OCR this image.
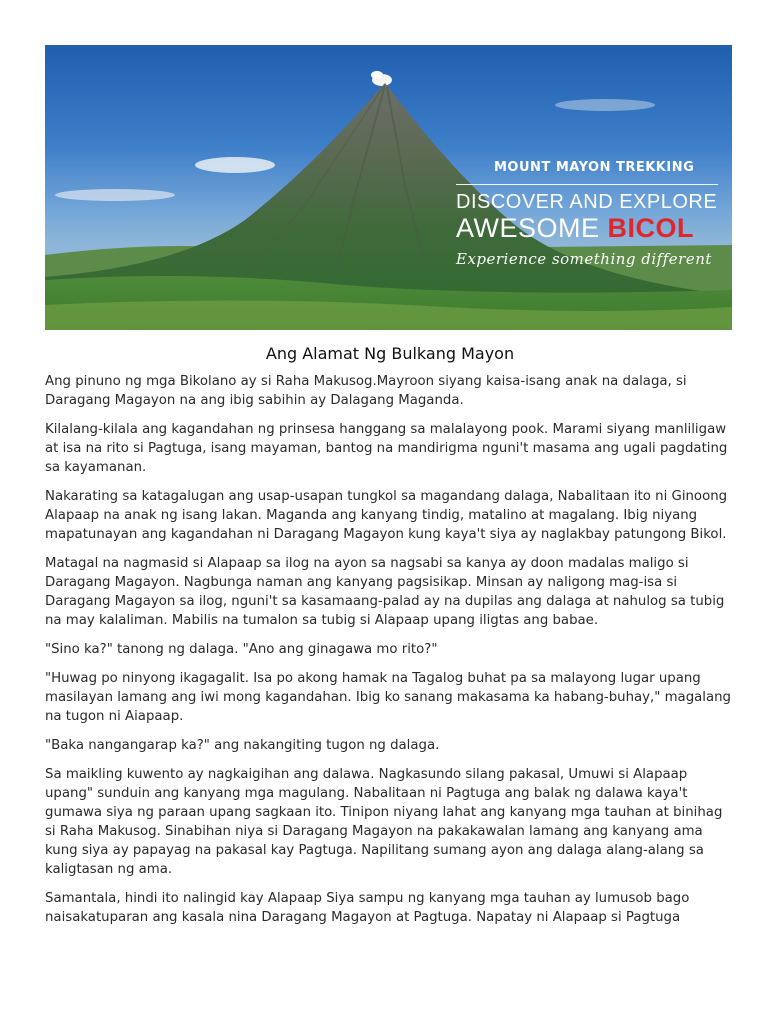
MOUNT MAYON TREKKING
DISCOVER AND EXPLORE
AWESOME BICOL
Experience something different
Ang Alamat Ng Bulkang Mayon

Ang pinuno ng mga Bikolano ay si Raha Makusog.Mayroon siyang kaisa-isang anak na dalaga, si Daragang Magayon na ang ibig sabihin ay Dalagang Maganda.

Kilalang-kilala ang kagandahan ng prinsesa hanggang sa malalayong pook. Marami siyang manliligaw at isa na rito si Pagtuga, isang mayaman, bantog na mandirigma nguni't masama ang ugali pagdating sa kayamanan.

Nakarating sa katagalugan ang usap-usapan tungkol sa magandang dalaga, Nabalitaan ito ni Ginoong Alapaap na anak ng isang lakan. Maganda ang kanyang tindig, matalino at magalang. Ibig niyang mapatunayan ang kagandahan ni Daragang Magayon kung kaya't siya ay naglakbay patungong Bikol.

Matagal na nagmasid si Alapaap sa ilog na ayon sa nagsabi sa kanya ay doon madalas maligo si Daragang Magayon. Nagbunga naman ang kanyang pagsisikap. Minsan ay naligong mag-isa si Daragang Magayon sa ilog, nguni't sa kasamaang-palad ay na dupilas ang dalaga at nahulog sa tubig na may kalaliman. Mabilis na tumalon sa tubig si Alapaap upang iligtas ang babae.

"Sino ka?" tanong ng dalaga. "Ano ang ginagawa mo rito?"

"Huwag po ninyong ikagagalit. Isa po akong hamak na Tagalog buhat pa sa malayong lugar upang masilayan lamang ang iwi mong kagandahan. Ibig ko sanang makasama ka habang-buhay," magalang na tugon ni Aiapaap.

"Baka nangangarap ka?" ang nakangiting tugon ng dalaga.

Sa maikling kuwento ay nagkaigihan ang dalawa. Nagkasundo silang pakasal, Umuwi si Alapaap upang" sunduin ang kanyang mga magulang. Nabalitaan ni Pagtuga ang balak ng dalawa kaya't gumawa siya ng paraan upang sagkaan ito. Tinipon niyang lahat ang kanyang mga tauhan at binihag si Raha Makusog. Sinabihan niya si Daragang Magayon na pakakawalan lamang ang kanyang ama kung siya ay papayag na pakasal kay Pagtuga. Napilitang sumang ayon ang dalaga alang-alang sa kaligtasan ng ama.

Samantala, hindi ito nalingid kay Alapaap Siya sampu ng kanyang mga tauhan ay lumusob bago naisakatuparan ang kasala nina Daragang Magayon at Pagtuga. Napatay ni Alapaap si Pagtuga
